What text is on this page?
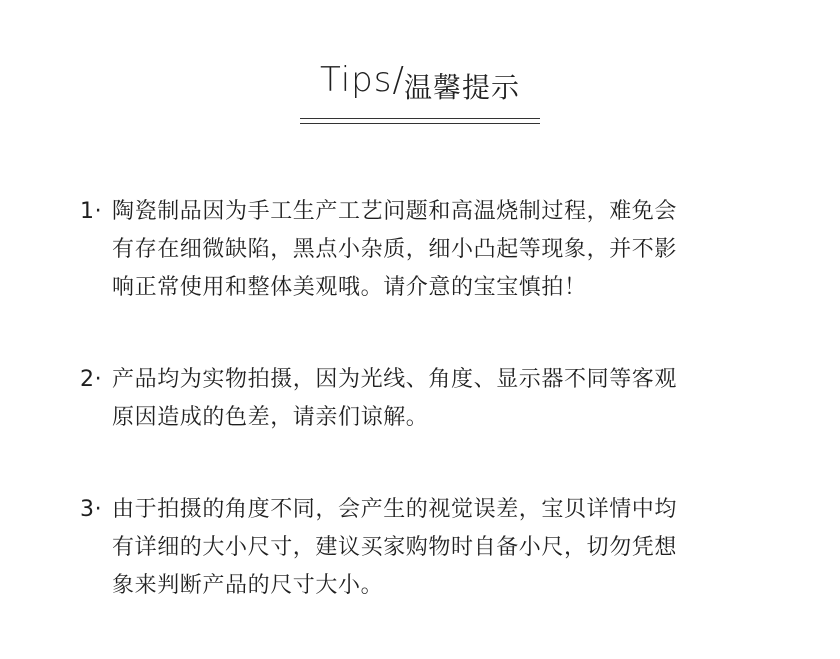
Tips/温馨提示
1· 陶瓷制品因为手工生产工艺问题和高温烧制过程，难免会
有存在细微缺陷，黑点小杂质，细小凸起等现象，并不影
响正常使用和整体美观哦。请介意的宝宝慎拍！
2· 产品均为实物拍摄，因为光线、角度、显示器不同等客观
原因造成的色差，请亲们谅解。
3· 由于拍摄的角度不同，会产生的视觉误差，宝贝详情中均
有详细的大小尺寸，建议买家购物时自备小尺，切勿凭想
象来判断产品的尺寸大小。
